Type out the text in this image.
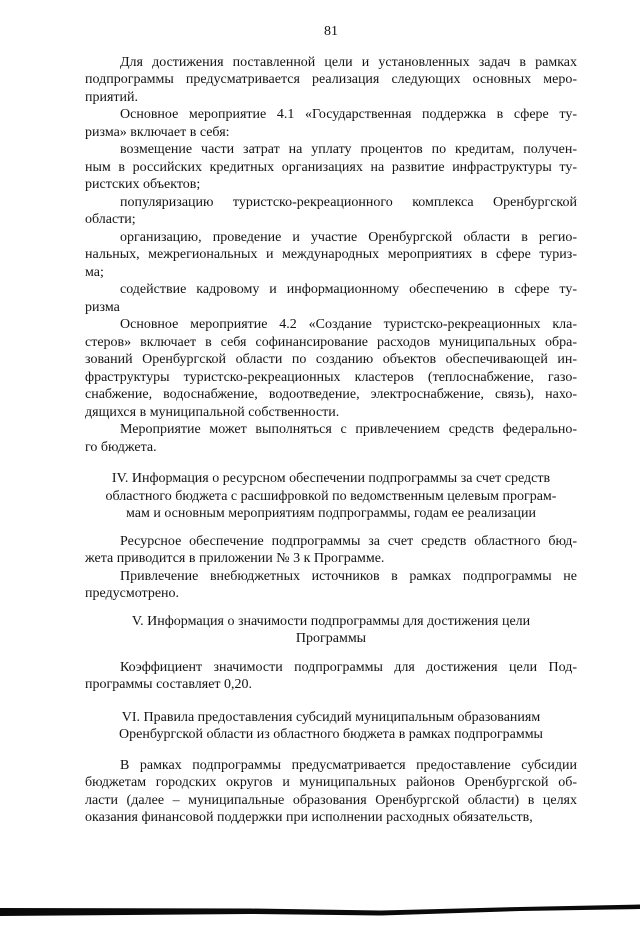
81
Для достижения поставленной цели и установленных задач в рамках
подпрограммы предусматривается реализация следующих основных меро-
приятий.
Основное мероприятие 4.1 «Государственная поддержка в сфере ту-
ризма» включает в себя:
возмещение части затрат на уплату процентов по кредитам, получен-
ным в российских кредитных организациях на развитие инфраструктуры ту-
ристских объектов;
популяризацию туристско-рекреационного комплекса Оренбургской
области;
организацию, проведение и участие Оренбургской области в регио-
нальных, межрегиональных и международных мероприятиях в сфере туриз-
ма;
содействие кадровому и информационному обеспечению в сфере ту-
ризма
Основное мероприятие 4.2 «Создание туристско-рекреационных кла-
стеров» включает в себя софинансирование расходов муниципальных обра-
зований Оренбургской области по созданию объектов обеспечивающей ин-
фраструктуры туристско-рекреационных кластеров (теплоснабжение, газо-
снабжение, водоснабжение, водоотведение, электроснабжение, связь), нахо-
дящихся в муниципальной собственности.
Мероприятие может выполняться с привлечением средств федерально-
го бюджета.
IV. Информация о ресурсном обеспечении подпрограммы за счет средств
областного бюджета с расшифровкой по ведомственным целевым програм-
мам и основным мероприятиям подпрограммы, годам ее реализации
Ресурсное обеспечение подпрограммы за счет средств областного бюд-
жета приводится в приложении № 3 к Программе.
Привлечение внебюджетных источников в рамках подпрограммы не
предусмотрено.
V. Информация о значимости подпрограммы для достижения цели
Программы
Коэффициент значимости подпрограммы для достижения цели Под-
программы составляет 0,20.
VI. Правила предоставления субсидий муниципальным образованиям
Оренбургской области из областного бюджета в рамках подпрограммы
В рамках подпрограммы предусматривается предоставление субсидии
бюджетам городских округов и муниципальных районов Оренбургской об-
ласти (далее – муниципальные образования Оренбургской области) в целях
оказания финансовой поддержки при исполнении расходных обязательств,
